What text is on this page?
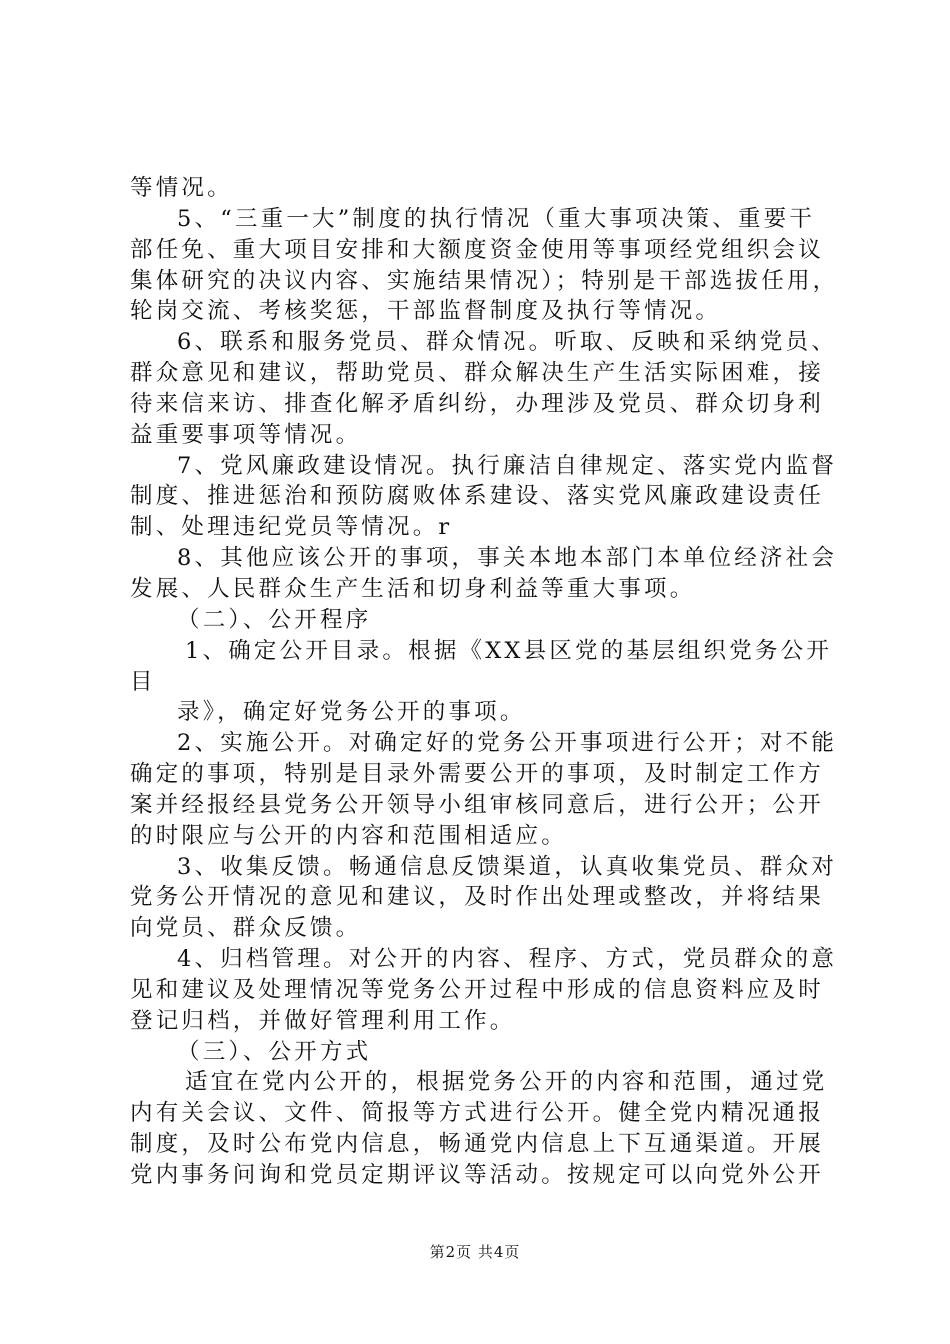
等情况。
5、“三重一大”制度的执行情况（重大事项决策、重要干
部任免、重大项目安排和大额度资金使用等事项经党组织会议
集体研究的决议内容、实施结果情况）；特别是干部选拔任用，
轮岗交流、考核奖惩，干部监督制度及执行等情况。
6、联系和服务党员、群众情况。听取、反映和采纳党员、
群众意见和建议，帮助党员、群众解决生产生活实际困难，接
待来信来访、排查化解矛盾纠纷，办理涉及党员、群众切身利
益重要事项等情况。
7、党风廉政建设情况。执行廉洁自律规定、落实党内监督
制度、推进惩治和预防腐败体系建设、落实党风廉政建设责任
制、处理违纪党员等情况。r
8、其他应该公开的事项，事关本地本部门本单位经济社会
发展、人民群众生产生活和切身利益等重大事项。
（二）、公开程序
1、确定公开目录。根据《XX县区党的基层组织党务公开
目
录》，确定好党务公开的事项。
2、实施公开。对确定好的党务公开事项进行公开；对不能
确定的事项，特别是目录外需要公开的事项，及时制定工作方
案并经报经县党务公开领导小组审核同意后，进行公开；公开
的时限应与公开的内容和范围相适应。
3、收集反馈。畅通信息反馈渠道，认真收集党员、群众对
党务公开情况的意见和建议，及时作出处理或整改，并将结果
向党员、群众反馈。
4、归档管理。对公开的内容、程序、方式，党员群众的意
见和建议及处理情况等党务公开过程中形成的信息资料应及时
登记归档，并做好管理利用工作。
（三）、公开方式
适宜在党内公开的，根据党务公开的内容和范围，通过党
内有关会议、文件、简报等方式进行公开。健全党内精况通报
制度，及时公布党内信息，畅通党内信息上下互通渠道。开展
党内事务问询和党员定期评议等活动。按规定可以向党外公开
第2页 共4页
